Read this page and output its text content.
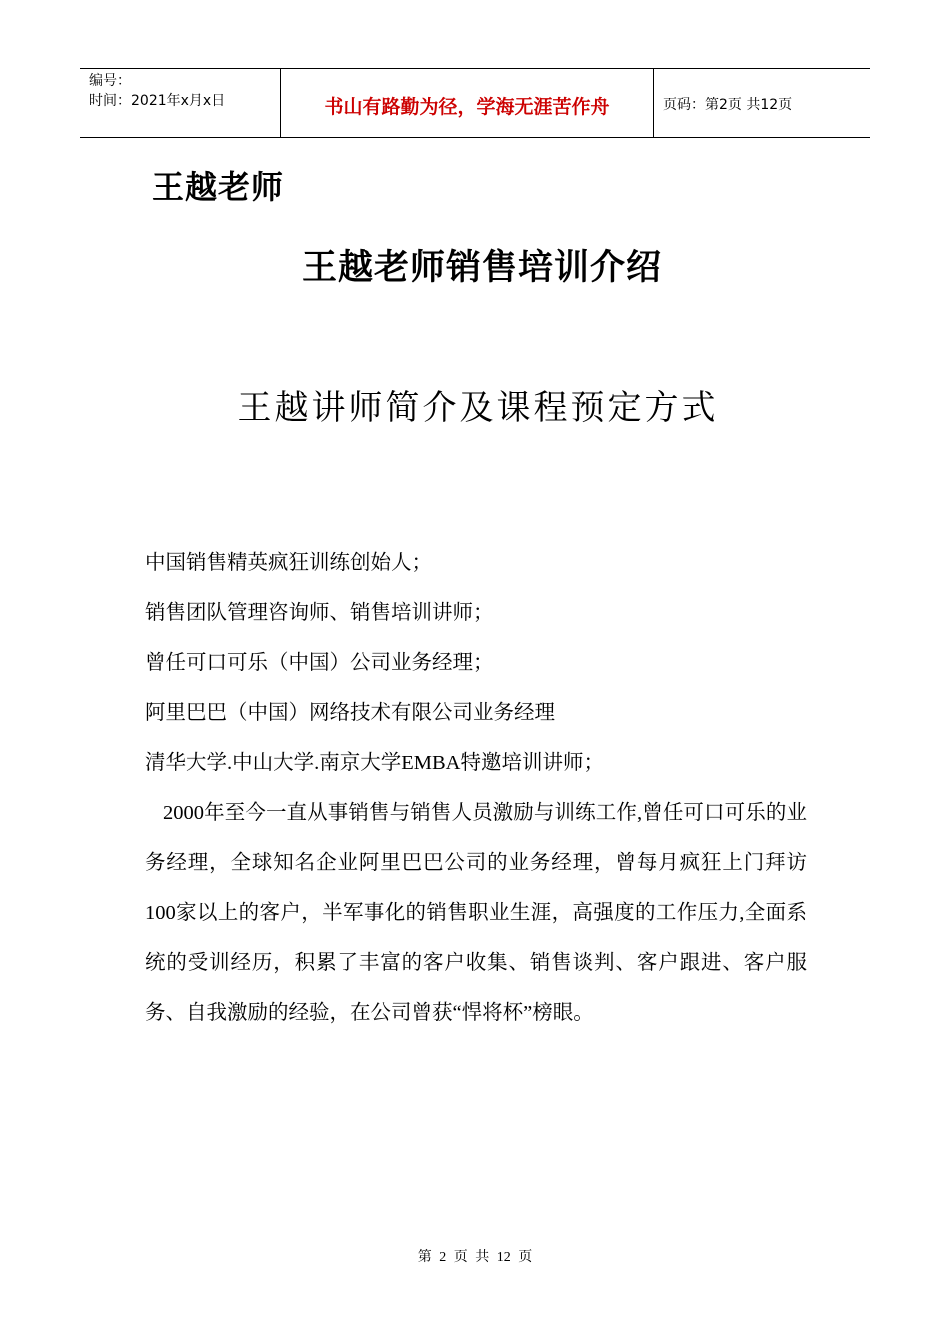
编号：
时间：2021年x月x日	书山有路勤为径，学海无涯苦作舟	页码：第2页 共12页
王越老师
王越老师销售培训介绍
王越讲师简介及课程预定方式
中国销售精英疯狂训练创始人；
销售团队管理咨询师、销售培训讲师；
曾任可口可乐（中国）公司业务经理；
阿里巴巴（中国）网络技术有限公司业务经理
清华大学.中山大学.南京大学EMBA特邀培训讲师；
2000年至今一直从事销售与销售人员激励与训练工作,曾任可口可乐的业务经理，全球知名企业阿里巴巴公司的业务经理，曾每月疯狂上门拜访100家以上的客户，半军事化的销售职业生涯，高强度的工作压力,全面系统的受训经历，积累了丰富的客户收集、销售谈判、客户跟进、客户服务、自我激励的经验，在公司曾获“悍将杯”榜眼。
第 2 页 共 12 页
